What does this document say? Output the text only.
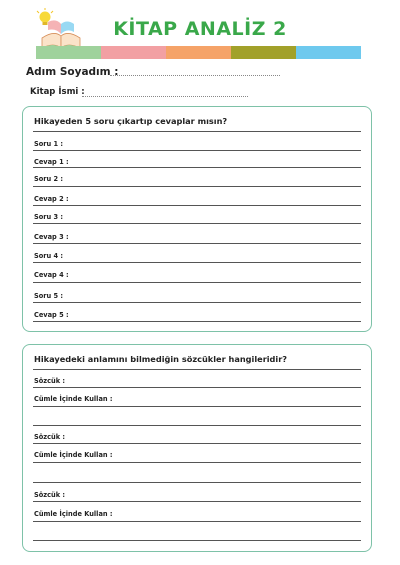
KİTAP ANALİZ 2
Adım Soyadım :
Kitap İsmi :
Hikayeden 5 soru çıkartıp cevaplar mısın?
Soru 1 :
Cevap 1 :
Soru 2 :
Cevap 2 :
Soru 3 :
Cevap 3 :
Soru 4 :
Cevap 4 :
Soru 5 :
Cevap 5 :
Hikayedeki anlamını bilmediğin sözcükler hangileridir?
Sözcük :
Cümle İçinde Kullan :
Sözcük :
Cümle İçinde Kullan :
Sözcük :
Cümle İçinde Kullan :
